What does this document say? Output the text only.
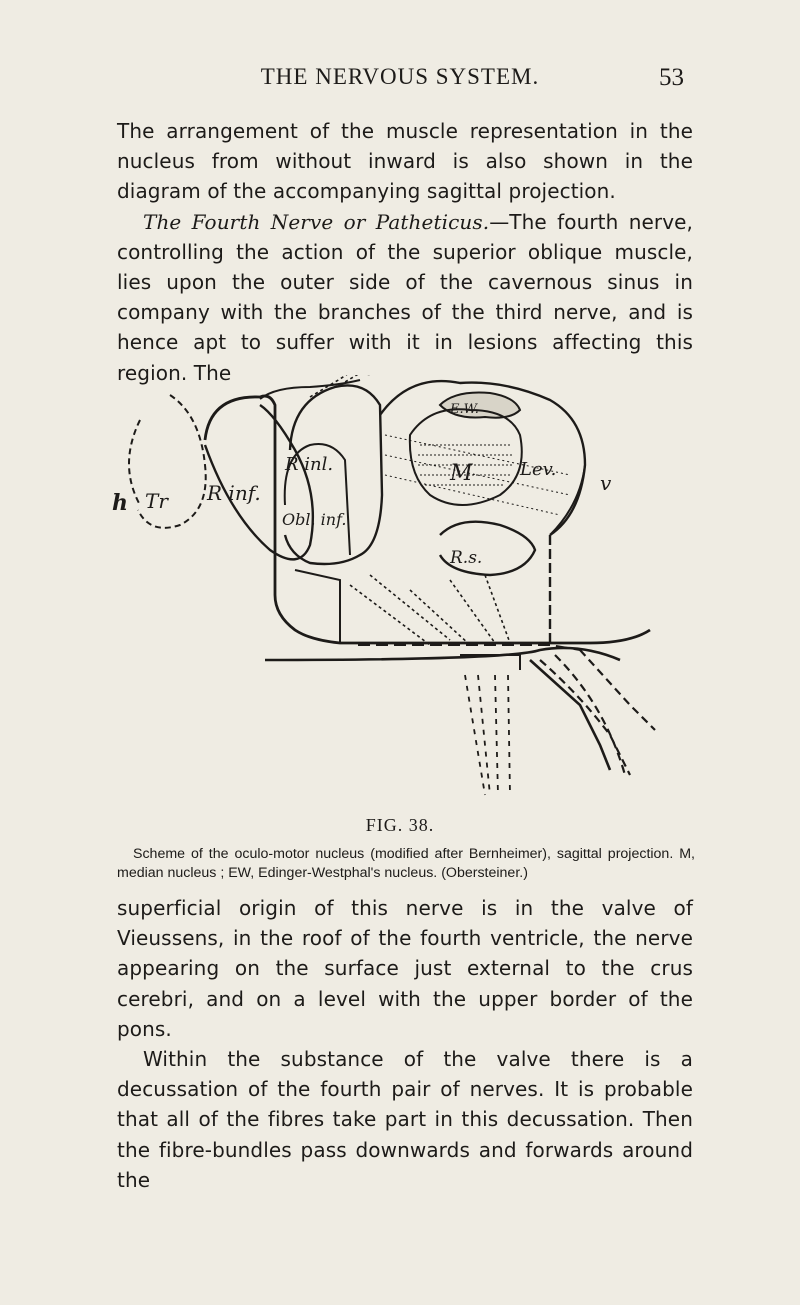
THE NERVOUS SYSTEM.	53

The arrangement of the muscle representation in the nucleus from without inward is also shown in the diagram of the accompanying sagittal projection.

The Fourth Nerve or Patheticus.—The fourth nerve, controlling the action of the superior oblique muscle, lies upon the outer side of the cavernous sinus in company with the branches of the third nerve, and is hence apt to suffer with it in lesions affecting this region. The

h Tr R inf.
R inl.
Obl. inf.
E.W.
Lev.
M
R.s.
v
FIG. 38.
Scheme of the oculo-motor nucleus (modified after Bernheimer), sagittal projection. M, median nucleus ; EW, Edinger-Westphal's nucleus. (Obersteiner.)

superficial origin of this nerve is in the valve of Vieussens, in the roof of the fourth ventricle, the nerve appearing on the surface just external to the crus cerebri, and on a level with the upper border of the pons.

Within the substance of the valve there is a decussation of the fourth pair of nerves. It is probable that all of the fibres take part in this decussation. Then the fibre-bundles pass downwards and forwards around the
